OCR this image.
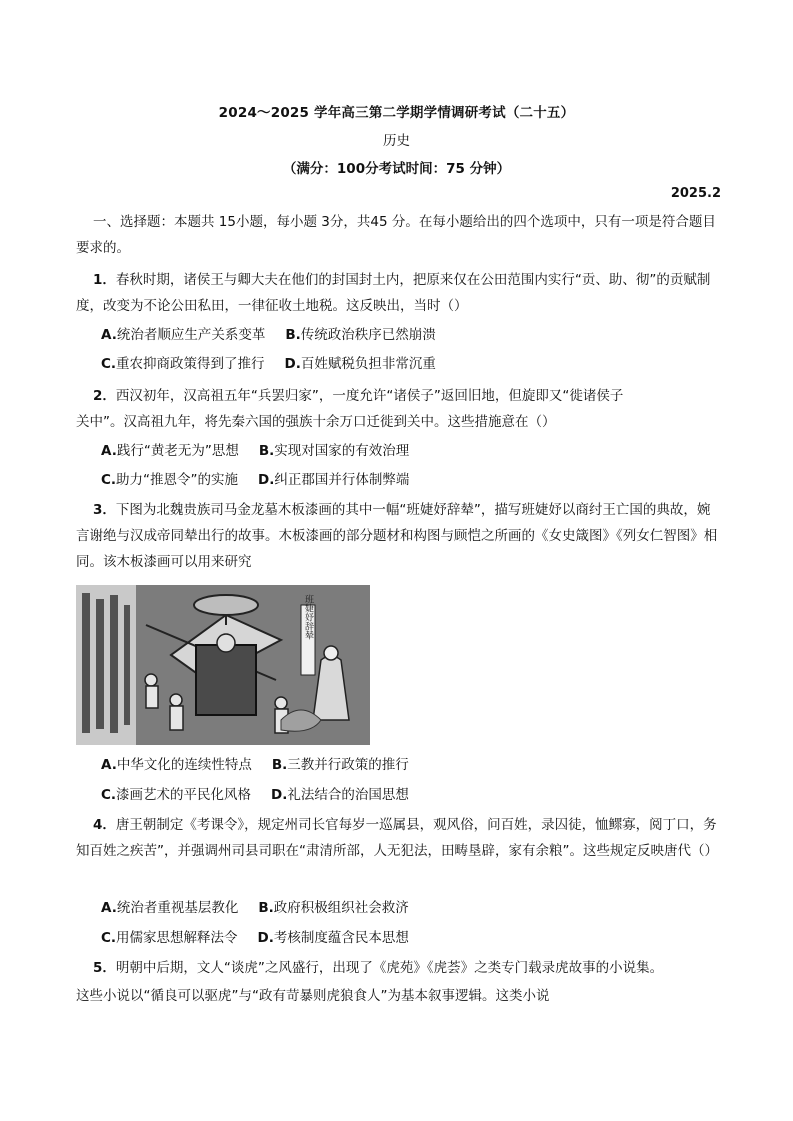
2024～2025 学年高三第二学期学情调研考试（二十五）
历史
（满分：100分考试时间：75 分钟）
2025.2
一、选择题：本题共 15小题，每小题 3分，共45 分。在每小题给出的四个选项中，只有一项是符合题目要求的。
1．春秋时期，诸侯王与卿大夫在他们的封国封土内，把原来仅在公田范围内实行“贡、助、彻”的贡赋制度，改变为不论公田私田，一律征收土地税。这反映出，当时（）
A.统治者顺应生产关系变革 B.传统政治秩序已然崩溃
C.重农抑商政策得到了推行 D.百姓赋税负担非常沉重
2．西汉初年，汉高祖五年“兵罢归家”，一度允许“诸侯子”返回旧地，但旋即又“徙诸侯子
关中”。汉高祖九年，将先秦六国的强族十余万口迁徙到关中。这些措施意在（）
A.践行“黄老无为”思想 B.实现对国家的有效治理
C.助力“推恩令”的实施 D.纠正郡国并行体制弊端
3．下图为北魏贵族司马金龙墓木板漆画的其中一幅“班婕妤辞辇”，描写班婕妤以商纣王亡国的典故，婉言谢绝与汉成帝同辇出行的故事。木板漆画的部分题材和构图与顾恺之所画的《女史箴图》《列女仁智图》相同。该木板漆画可以用来研究
班婕妤辞辇
A.中华文化的连续性特点 B.三教并行政策的推行
C.漆画艺术的平民化风格 D.礼法结合的治国思想
4．唐王朝制定《考课令》，规定州司长官每岁一巡属县，观风俗，问百姓，录囚徒，恤鳏寡，阅丁口，务知百姓之疾苦”，并强调州司县司职在“肃清所部，人无犯法，田畴垦辟，家有余粮”。这些规定反映唐代（）
A.统治者重视基层教化 B.政府积极组织社会救济
C.用儒家思想解释法令 D.考核制度蕴含民本思想
5．明朝中后期，文人“谈虎”之风盛行，出现了《虎苑》《虎荟》之类专门载录虎故事的小说集。
这些小说以“循良可以驱虎”与“政有苛暴则虎狼食人”为基本叙事逻辑。这类小说
